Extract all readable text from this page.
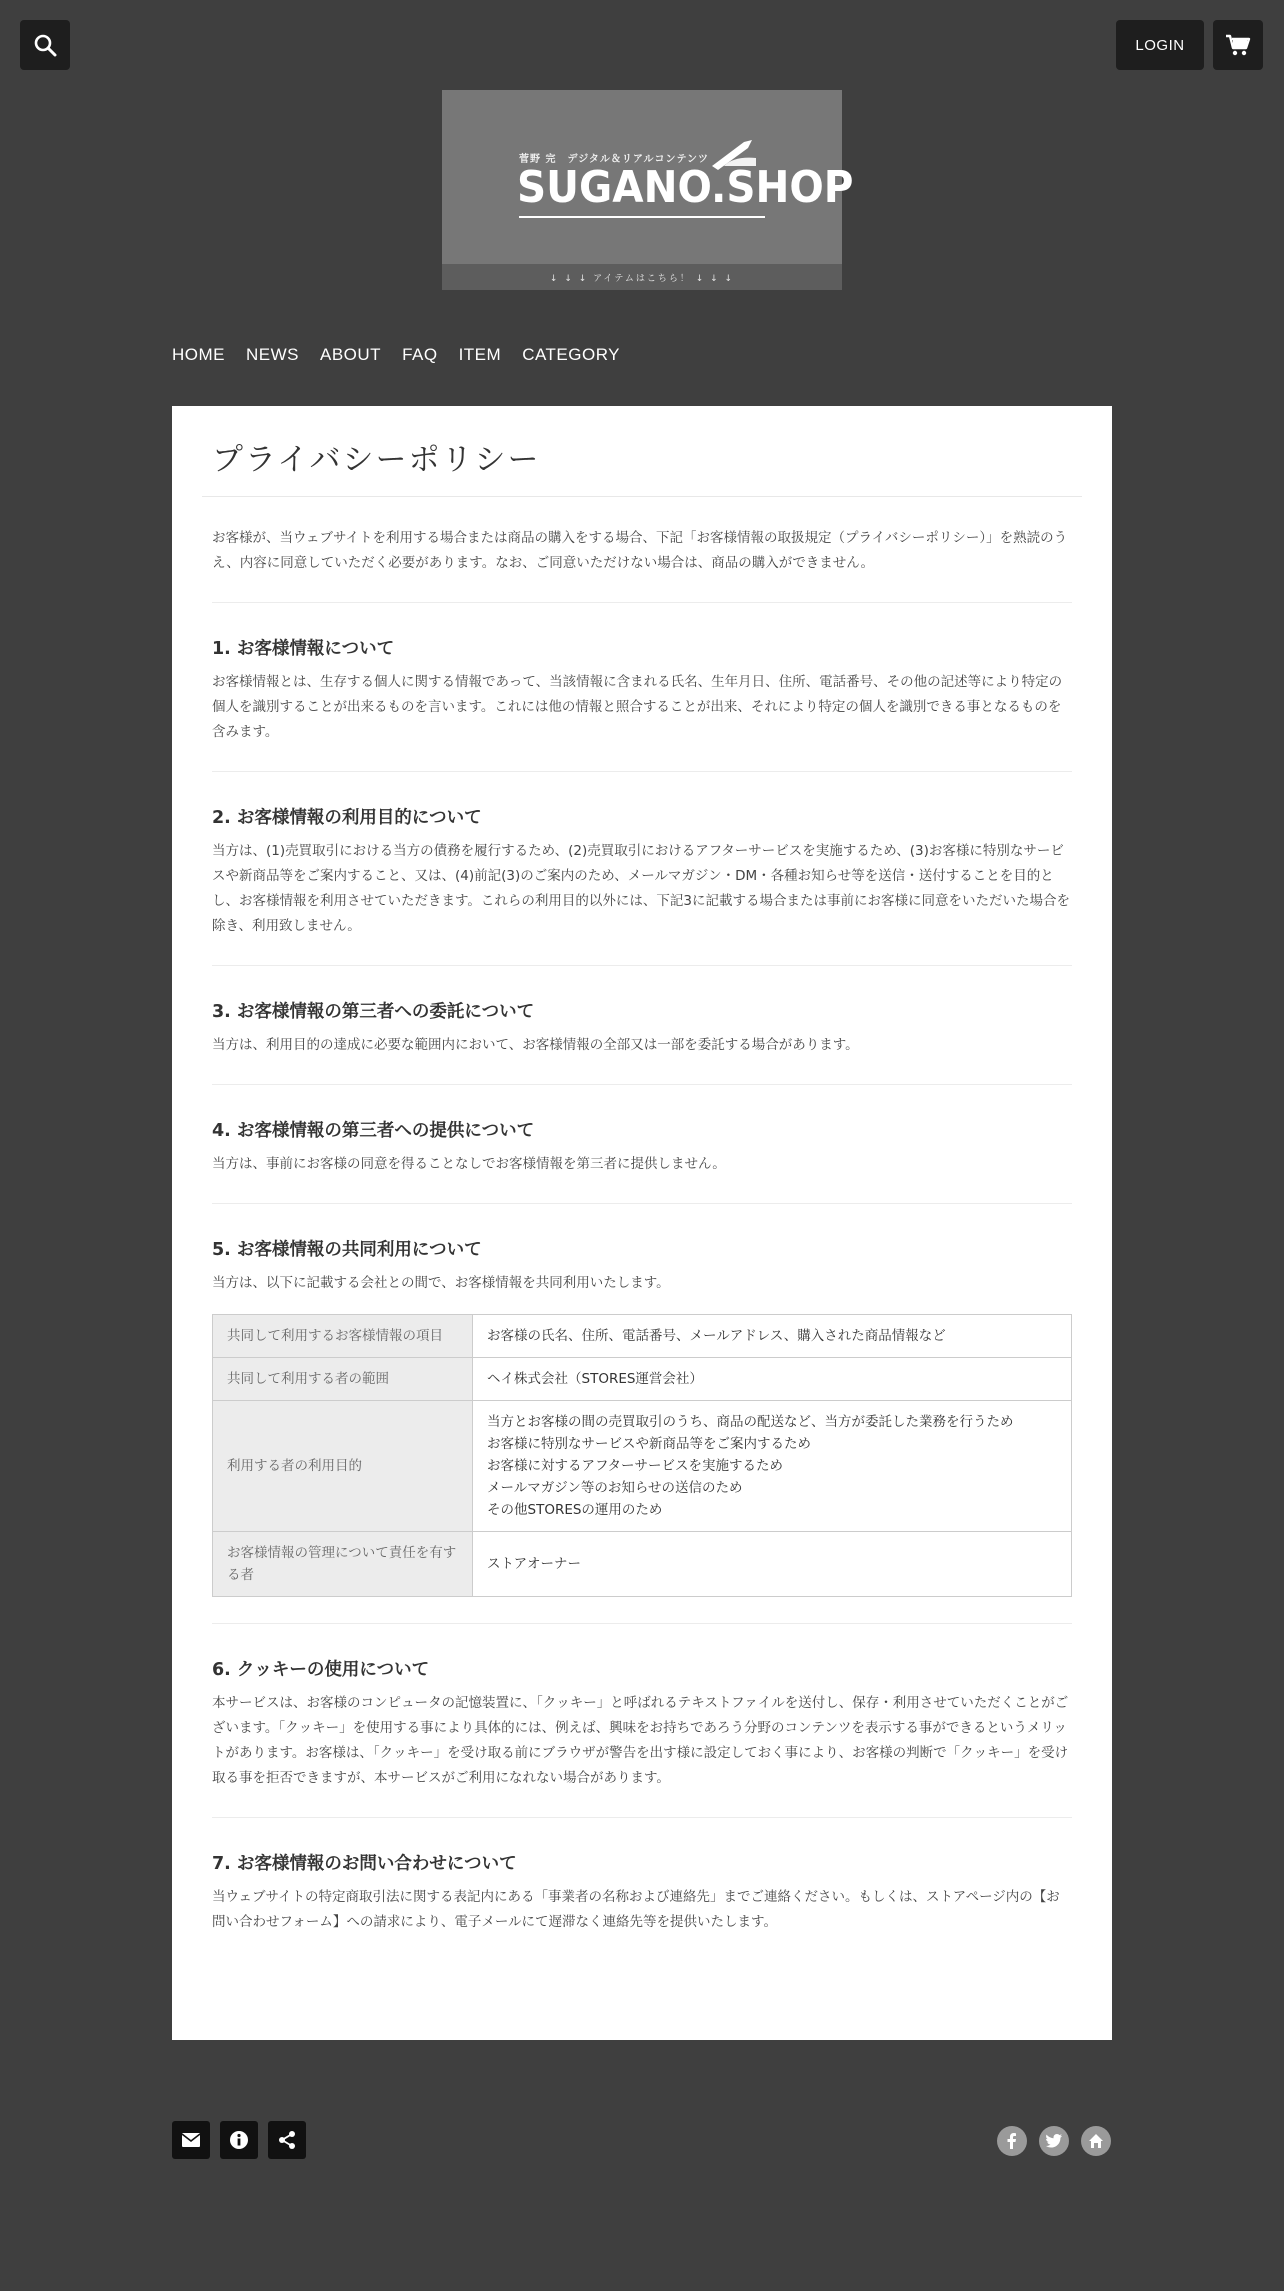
LOGIN
菅野 完　デジタル＆リアルコンテンツ
SUGANO.SHOP
↓ ↓ ↓ アイテムはこちら！ ↓ ↓ ↓
HOME NEWS ABOUT FAQ ITEM CATEGORY
プライバシーポリシー

お客様が、当ウェブサイトを利用する場合または商品の購入をする場合、下記「お客様情報の取扱規定（プライバシーポリシー）」を熟読のうえ、内容に同意していただく必要があります。なお、ご同意いただけない場合は、商品の購入ができません。

1. お客様情報について

お客様情報とは、生存する個人に関する情報であって、当該情報に含まれる氏名、生年月日、住所、電話番号、その他の記述等により特定の個人を識別することが出来るものを言います。これには他の情報と照合することが出来、それにより特定の個人を識別できる事となるものを含みます。

2. お客様情報の利用目的について

当方は、(1)売買取引における当方の債務を履行するため、(2)売買取引におけるアフターサービスを実施するため、(3)お客様に特別なサービスや新商品等をご案内すること、又は、(4)前記(3)のご案内のため、メールマガジン・DM・各種お知らせ等を送信・送付することを目的とし、お客様情報を利用させていただきます。これらの利用目的以外には、下記3に記載する場合または事前にお客様に同意をいただいた場合を除き、利用致しません。

3. お客様情報の第三者への委託について

当方は、利用目的の達成に必要な範囲内において、お客様情報の全部又は一部を委託する場合があります。

4. お客様情報の第三者への提供について

当方は、事前にお客様の同意を得ることなしでお客様情報を第三者に提供しません。

5. お客様情報の共同利用について

当方は、以下に記載する会社との間で、お客様情報を共同利用いたします。

共同して利用するお客様情報の項目	お客様の氏名、住所、電話番号、メールアドレス、購入された商品情報など
共同して利用する者の範囲	ヘイ株式会社（STORES運営会社）
利用する者の利用目的	当方とお客様の間の売買取引のうち、商品の配送など、当方が委託した業務を行うため
お客様に特別なサービスや新商品等をご案内するため
お客様に対するアフターサービスを実施するため
メールマガジン等のお知らせの送信のため
その他STORESの運用のため

お客様情報の管理について責任を有する者	ストアオーナー
6. クッキーの使用について

本サービスは、お客様のコンピュータの記憶装置に、「クッキー」と呼ばれるテキストファイルを送付し、保存・利用させていただくことがございます。「クッキー」を使用する事により具体的には、例えば、興味をお持ちであろう分野のコンテンツを表示する事ができるというメリットがあります。お客様は、「クッキー」を受け取る前にブラウザが警告を出す様に設定しておく事により、お客様の判断で「クッキー」を受け取る事を拒否できますが、本サービスがご利用になれない場合があります。

7. お客様情報のお問い合わせについて

当ウェブサイトの特定商取引法に関する表記内にある「事業者の名称および連絡先」までご連絡ください。もしくは、ストアページ内の【お問い合わせフォーム】への請求により、電子メールにて遅滞なく連絡先等を提供いたします。
